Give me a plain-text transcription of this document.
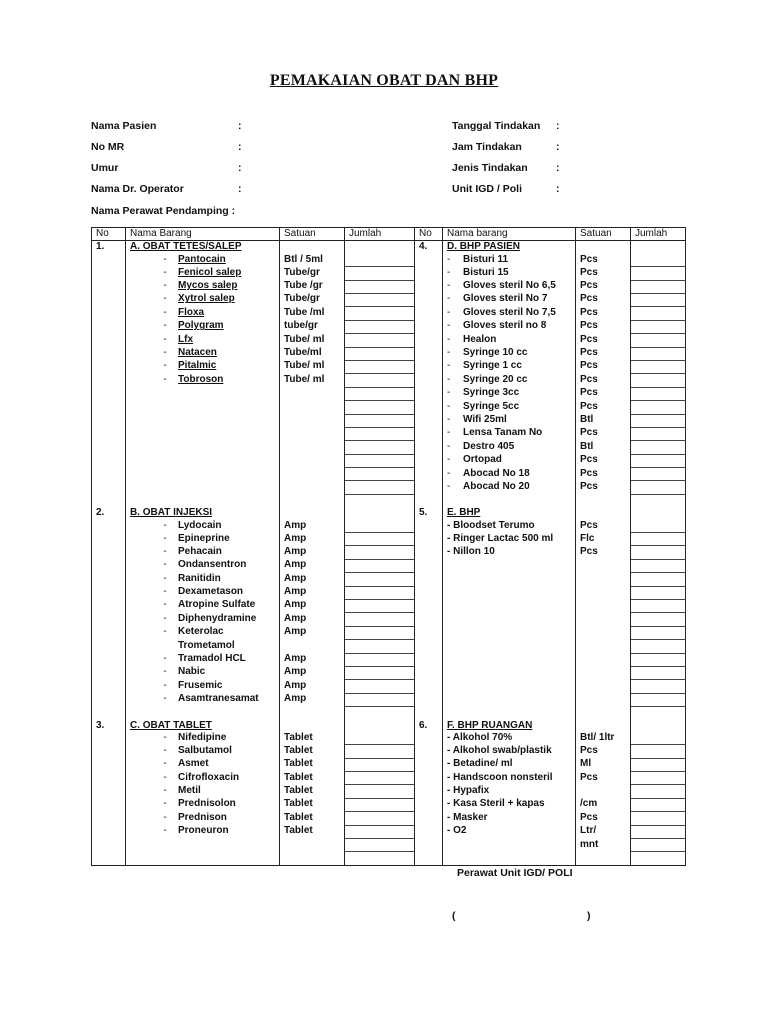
PEMAKAIAN OBAT DAN BHP
No	Nama Barang	Satuan	Jumlah	No	Nama barang	Satuan	Jumlah
1.	A. OBAT TETES/SALEP			4.	D. BHP PASIEN		
	- Pantocain	Btl / 5ml			- Bisturi 11	Pcs	
	- Fenicol salep	Tube/gr			- Bisturi 15	Pcs	
	- Mycos salep	Tube /gr			- Gloves steril No 6,5	Pcs	
	- Xytrol salep	Tube/gr			- Gloves steril No 7	Pcs	
	- Floxa	Tube /ml			- Gloves steril No 7,5	Pcs	
	- Polygram	tube/gr			- Gloves steril no 8	Pcs	
	- Lfx	Tube/ ml			- Healon	Pcs	
	- Natacen	Tube/ml			- Syringe 10 cc	Pcs	
	- Pitalmic	Tube/ ml			- Syringe 1 cc	Pcs	
	- Tobroson	Tube/ ml			- Syringe 20 cc	Pcs	
					- Syringe 3cc	Pcs	
					- Syringe 5cc	Pcs	
					- Wifi 25ml	Btl	
					- Lensa Tanam No	Pcs	
					- Destro 405	Btl	
					- Ortopad	Pcs	
					- Abocad No 18	Pcs	
					- Abocad No 20	Pcs	

2.	B. OBAT INJEKSI			5.	E. BHP		
	- Lydocain	Amp			- Bloodset Terumo	Pcs	
	- Epineprine	Amp			- Ringer Lactac 500 ml	Flc	
	- Pehacain	Amp			- Nillon 10	Pcs	
	- Ondansentron	Amp					
	- Ranitidin	Amp					
	- Dexametason	Amp					
	- Atropine Sulfate	Amp					
	- Diphenydramine	Amp					
	- Keterolac	Amp					
	Trometamol						
	- Tramadol HCL	Amp					
	- Nabic	Amp					
	- Frusemic	Amp					
	- Asamtranesamat	Amp					

3.	C. OBAT TABLET			6.	F. BHP RUANGAN		
	- Nifedipine	Tablet			- Alkohol 70%	Btl/ 1ltr	
	- Salbutamol	Tablet			- Alkohol swab/plastik	Pcs	
	- Asmet	Tablet			- Betadine/ ml	Ml	
	- Cifrofloxacin	Tablet			- Handscoon nonsteril	Pcs	
	- Metil	Tablet			- Hypafix		
	- Prednisolon	Tablet			- Kasa Steril + kapas	/cm	
	- Prednison	Tablet			- Masker	Pcs	
	- Proneuron	Tablet			- O2	Ltr/	
						mnt	

Perawat Unit IGD/ POLI
(	)
Nama Pasien	:
No MR	:
Umur	:
Nama Dr. Operator	:
Nama Perawat Pendamping :
Tanggal Tindakan :
Jam Tindakan	:
Jenis Tindakan	:
Unit IGD / Poli	:
